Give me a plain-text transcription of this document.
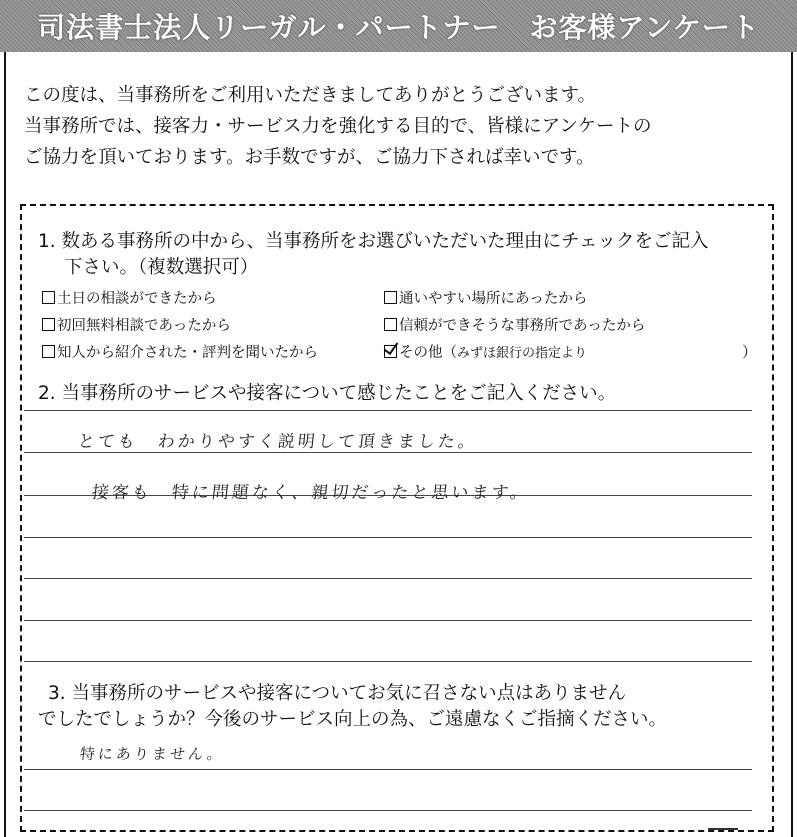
司法書士法人リーガル・パートナー　お客様アンケート
この度は、当事務所をご利用いただきましてありがとうございます。
当事務所では、接客力・サービス力を強化する目的で、皆様にアンケートの
ご協力を頂いております。お手数ですが、ご協力下されば幸いです。
1. 数ある事務所の中から、当事務所をお選びいただいた理由にチェックをご記入
下さい。（複数選択可）
土日の相談ができたから	通いやすい場所にあったから
初回無料相談であったから	信頼ができそうな事務所であったから
知人から紹介された・評判を聞いたから	その他（みずほ銀行の指定より	）
2. 当事務所のサービスや接客について感じたことをご記入ください。
とても　わかりやすく説明して頂きました。
接客も　特に問題なく、親切だったと思います。
3. 当事務所のサービスや接客についてお気に召さない点はありません
でしたでしょうか？今後のサービス向上の為、ご遠慮なくご指摘ください。
特にありません。
